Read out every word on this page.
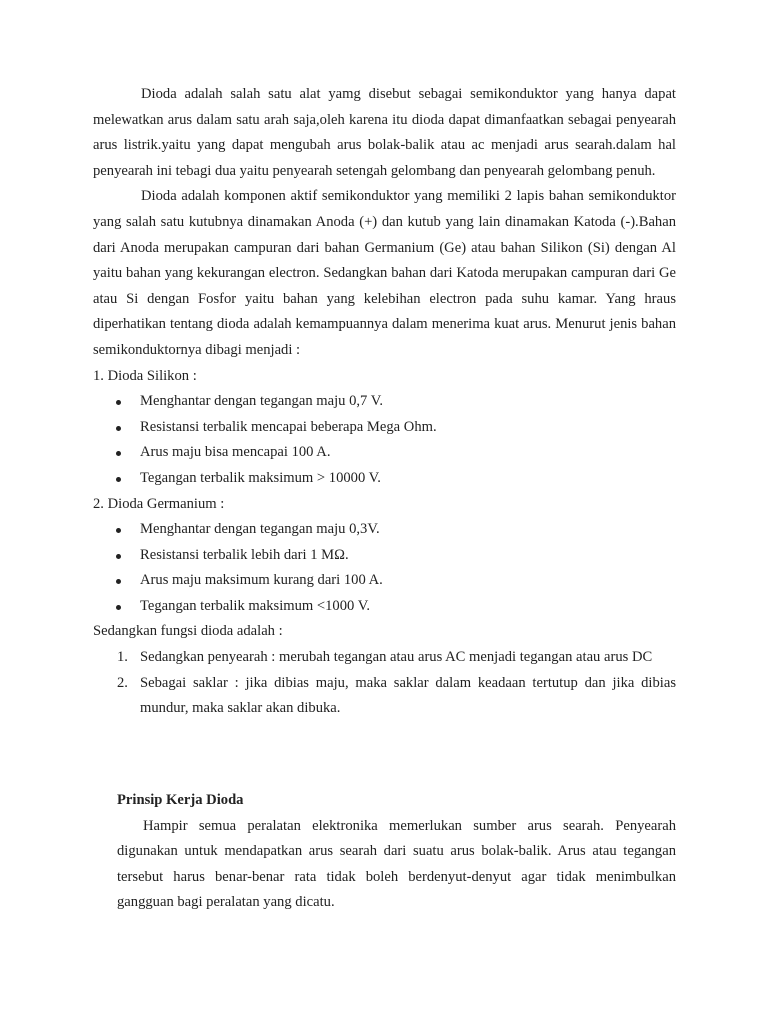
Dioda adalah salah satu alat yamg disebut sebagai semikonduktor yang hanya dapat melewatkan arus dalam satu arah saja,oleh karena itu dioda dapat dimanfaatkan sebagai penyearah arus listrik.yaitu yang dapat mengubah arus bolak-balik atau ac menjadi arus searah.dalam hal penyearah ini tebagi dua yaitu penyearah setengah gelombang dan penyearah gelombang penuh.

Dioda adalah komponen aktif semikonduktor yang memiliki 2 lapis bahan semikonduktor yang salah satu kutubnya dinamakan Anoda (+) dan kutub yang lain dinamakan Katoda (-).Bahan dari Anoda merupakan campuran dari bahan Germanium (Ge) atau bahan Silikon (Si) dengan Al yaitu bahan yang kekurangan electron. Sedangkan bahan dari Katoda merupakan campuran dari Ge atau Si dengan Fosfor yaitu bahan yang kelebihan electron pada suhu kamar. Yang hraus diperhatikan tentang dioda adalah kemampuannya dalam menerima kuat arus. Menurut jenis bahan semikonduktornya dibagi menjadi :

1. Dioda Silikon :
Menghantar dengan tegangan maju 0,7 V.
Resistansi terbalik mencapai beberapa Mega Ohm.
Arus maju bisa mencapai 100 A.
Tegangan terbalik maksimum > 10000 V.
2. Dioda Germanium :
Menghantar dengan tegangan maju 0,3V.
Resistansi terbalik lebih dari 1 MΩ.
Arus maju maksimum kurang dari 100 A.
Tegangan terbalik maksimum <1000 V.
Sedangkan fungsi dioda adalah :
1. Sedangkan penyearah : merubah tegangan atau arus AC menjadi tegangan atau arus DC
2. Sebagai saklar : jika dibias maju, maka saklar dalam keadaan tertutup dan jika dibias mundur, maka saklar akan dibuka.
Prinsip Kerja Dioda

Hampir semua peralatan elektronika memerlukan sumber arus searah. Penyearah digunakan untuk mendapatkan arus searah dari suatu arus bolak-balik. Arus atau tegangan tersebut harus benar-benar rata tidak boleh berdenyut-denyut agar tidak menimbulkan gangguan bagi peralatan yang dicatu.
